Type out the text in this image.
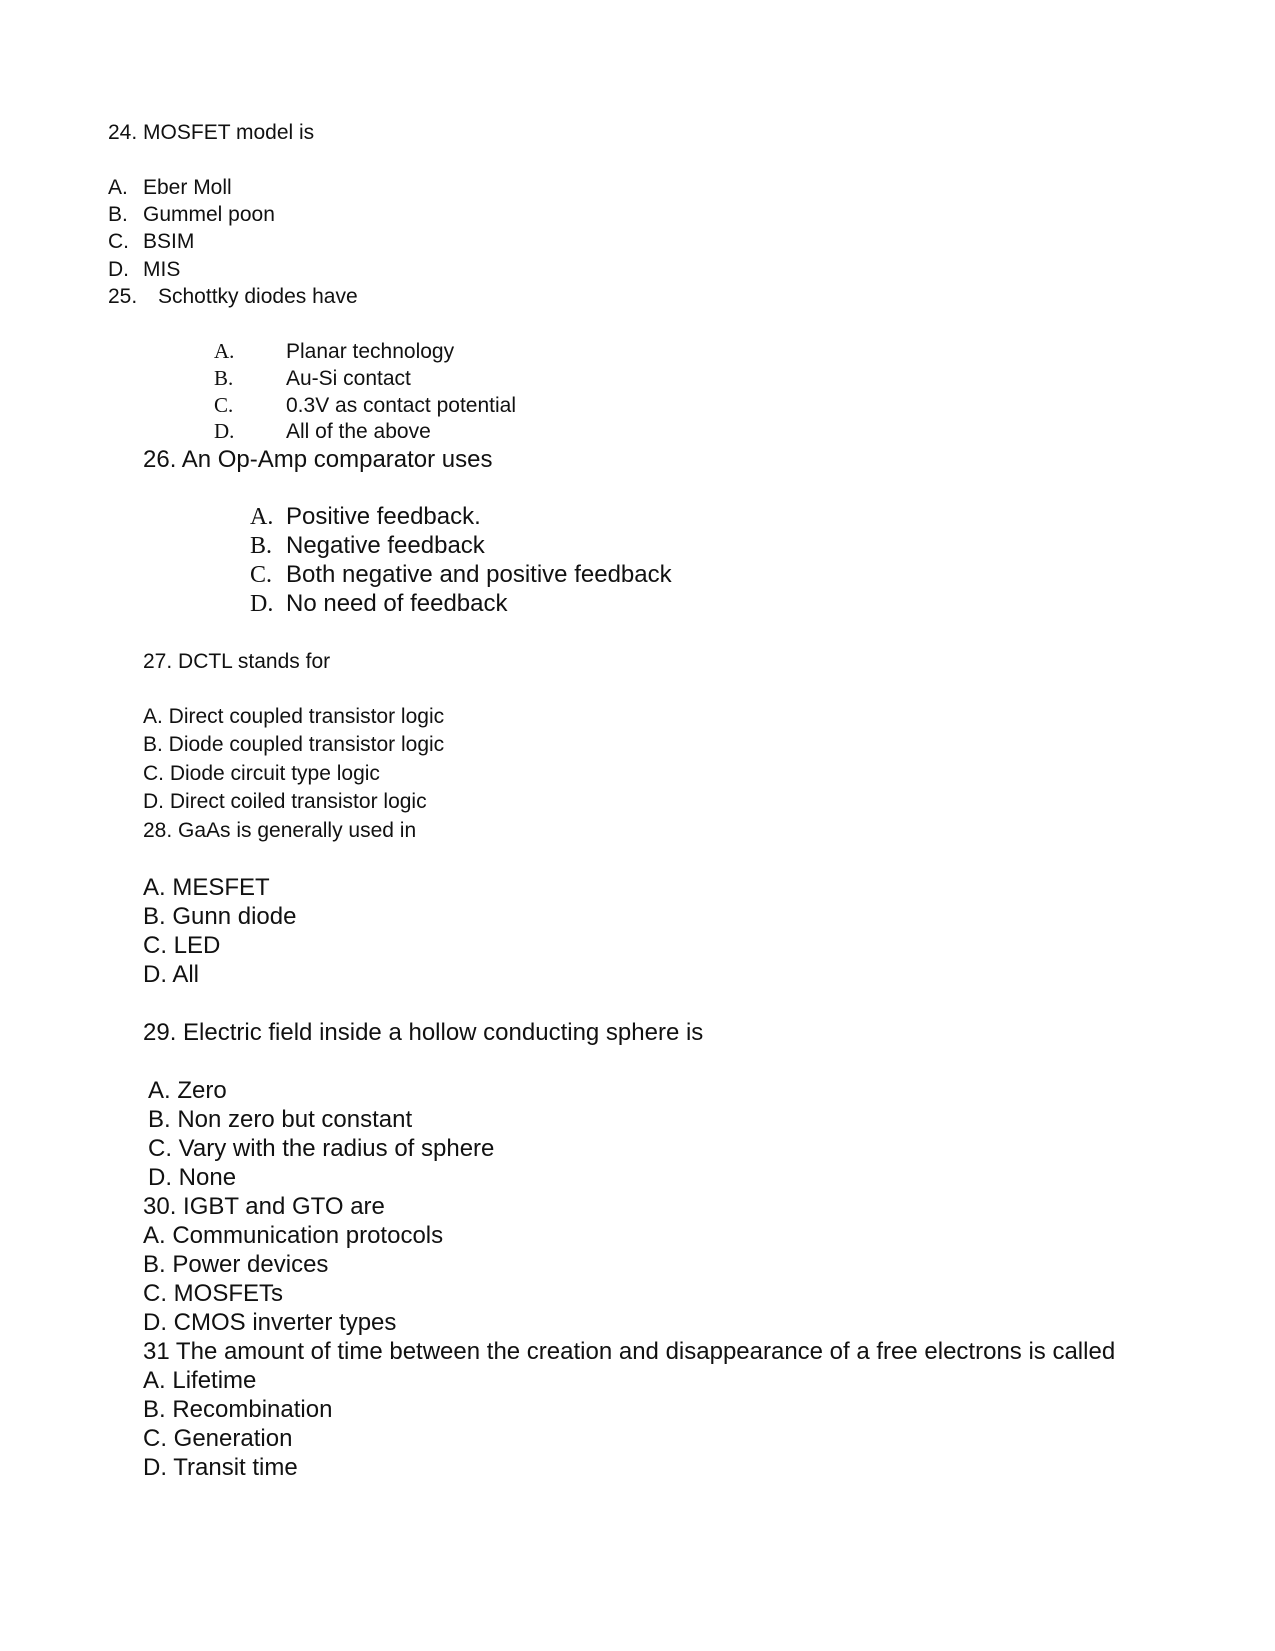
24. MOSFET model is
A. Eber Moll
B. Gummel poon
C. BSIM
D. MIS
25. Schottky diodes have
A. Planar technology
B.	Au-Si contact
C.	0.3V as contact potential
D. All of the above
26. An Op-Amp comparator uses
A. Positive feedback.
B. Negative feedback
C. Both negative and positive feedback
D. No need of feedback
27. DCTL stands for
A. Direct coupled transistor logic
B. Diode coupled transistor logic
C. Diode circuit type logic
D. Direct coiled transistor logic
28. GaAs is generally used in
A. MESFET
B. Gunn diode
C. LED
D. All
29. Electric field inside a hollow conducting sphere is
A. Zero
B. Non zero but constant
C. Vary with the radius of sphere
D. None
30. IGBT and GTO are
A. Communication protocols
B. Power devices
C. MOSFETs
D. CMOS inverter types
31 The amount of time between the creation and disappearance of a free electrons is called
A. Lifetime
B. Recombination
C. Generation
D. Transit time
